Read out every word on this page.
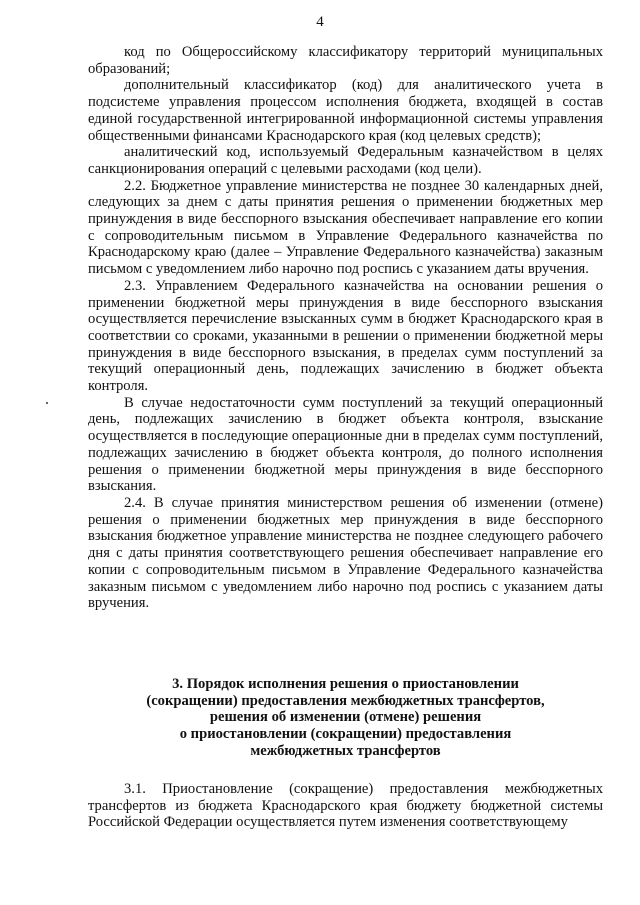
4

код по Общероссийскому классификатору территорий муниципальных образований;

дополнительный классификатор (код) для аналитического учета в подсистеме управления процессом исполнения бюджета, входящей в состав единой государственной интегрированной информационной системы управления общественными финансами Краснодарского края (код целевых средств);

аналитический код, используемый Федеральным казначейством в целях санкционирования операций с целевыми расходами (код цели).

2.2. Бюджетное управление министерства не позднее 30 календарных дней, следующих за днем с даты принятия решения о применении бюджетных мер принуждения в виде бесспорного взыскания обеспечивает направление его копии с сопроводительным письмом в Управление Федерального казначейства по Краснодарскому краю (далее – Управление Федерального казначейства) заказным письмом с уведомлением либо нарочно под роспись с указанием даты вручения.

2.3. Управлением Федерального казначейства на основании решения о применении бюджетной меры принуждения в виде бесспорного взыскания осуществляется перечисление взысканных сумм в бюджет Краснодарского края в соответствии со сроками, указанными в решении о применении бюджетной меры принуждения в виде бесспорного взыскания, в пределах сумм поступлений за текущий операционный день, подлежащих зачислению в бюджет объекта контроля.

В случае недостаточности сумм поступлений за текущий операционный день, подлежащих зачислению в бюджет объекта контроля, взыскание осуществляется в последующие операционные дни в пределах сумм поступлений, подлежащих зачислению в бюджет объекта контроля, до полного исполнения решения о применении бюджетной меры принуждения в виде бесспорного взыскания.

2.4. В случае принятия министерством решения об изменении (отмене) решения о применении бюджетных мер принуждения в виде бесспорного взыскания бюджетное управление министерства не позднее следующего рабочего дня с даты принятия соответствующего решения обеспечивает направление его копии с сопроводительным письмом в Управление Федерального казначейства заказным письмом с уведомлением либо нарочно под роспись с указанием даты вручения.

3. Порядок исполнения решения о приостановлении
(сокращении) предоставления межбюджетных трансфертов,
решения об изменении (отмене) решения
о приостановлении (сокращении) предоставления
межбюджетных трансфертов

3.1. Приостановление (сокращение) предоставления межбюджетных трансфертов из бюджета Краснодарского края бюджету бюджетной системы Российской Федерации осуществляется путем изменения соответствующему
